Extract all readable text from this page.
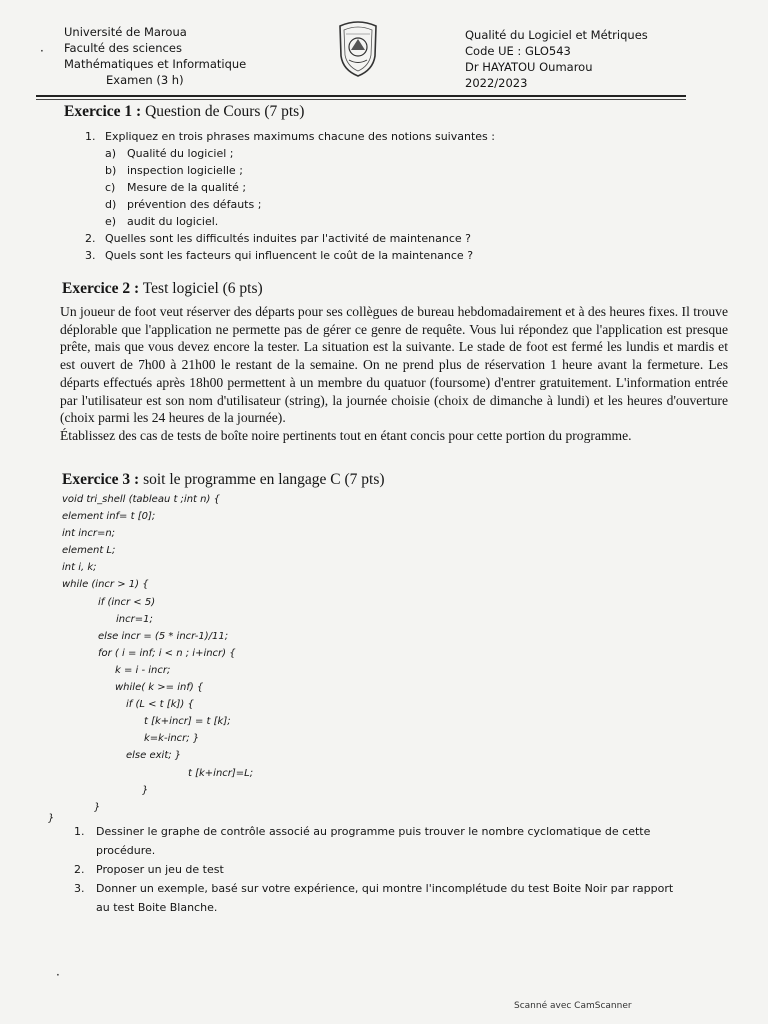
Université de Maroua
Faculté des sciences
Mathématiques et Informatique
Examen (3 h)
Qualité du Logiciel et Métriques
Code UE : GLO543
Dr HAYATOU Oumarou
2022/2023
Exercice 1 : Question de Cours (7 pts)
1. Expliquez en trois phrases maximums chacune des notions suivantes :
a) Qualité du logiciel ;
b) inspection logicielle ;
c) Mesure de la qualité ;
d) prévention des défauts ;
e) audit du logiciel.
2. Quelles sont les difficultés induites par l'activité de maintenance ?
3. Quels sont les facteurs qui influencent le coût de la maintenance ?
Exercice 2 : Test logiciel (6 pts)

Un joueur de foot veut réserver des départs pour ses collègues de bureau hebdomadairement et à des heures fixes. Il trouve déplorable que l'application ne permette pas de gérer ce genre de requête. Vous lui répondez que l'application est presque prête, mais que vous devez encore la tester. La situation est la suivante. Le stade de foot est fermé les lundis et mardis et est ouvert de 7h00 à 21h00 le restant de la semaine. On ne prend plus de réservation 1 heure avant la fermeture. Les départs effectués après 18h00 permettent à un membre du quatuor (foursome) d'entrer gratuitement. L'information entrée par l'utilisateur est son nom d'utilisateur (string), la journée choisie (choix de dimanche à lundi) et les heures d'ouverture (choix parmi les 24 heures de la journée).

Établissez des cas de tests de boîte noire pertinents tout en étant concis pour cette portion du programme.

Exercice 3 : soit le programme en langage C (7 pts)
void tri_shell (tableau t ;int n) {
element inf= t [0];
int incr=n;
element L;
int i, k;
while (incr > 1) {
if (incr < 5)
incr=1;
else incr = (5 * incr-1)/11;
for ( i = inf; i < n ; i+incr) {
k = i - incr;
while( k >= inf) {
if (L < t [k]) {
t [k+incr] = t [k];
k=k-incr; }
else exit; }
t [k+incr]=L;
}
}
}
1. Dessiner le graphe de contrôle associé au programme puis trouver le nombre cyclomatique de cette
procédure.
2. Proposer un jeu de test
3. Donner un exemple, basé sur votre expérience, qui montre l'incomplétude du test Boite Noir par rapport
au test Boite Blanche.
·
·
Scanné avec CamScanner
